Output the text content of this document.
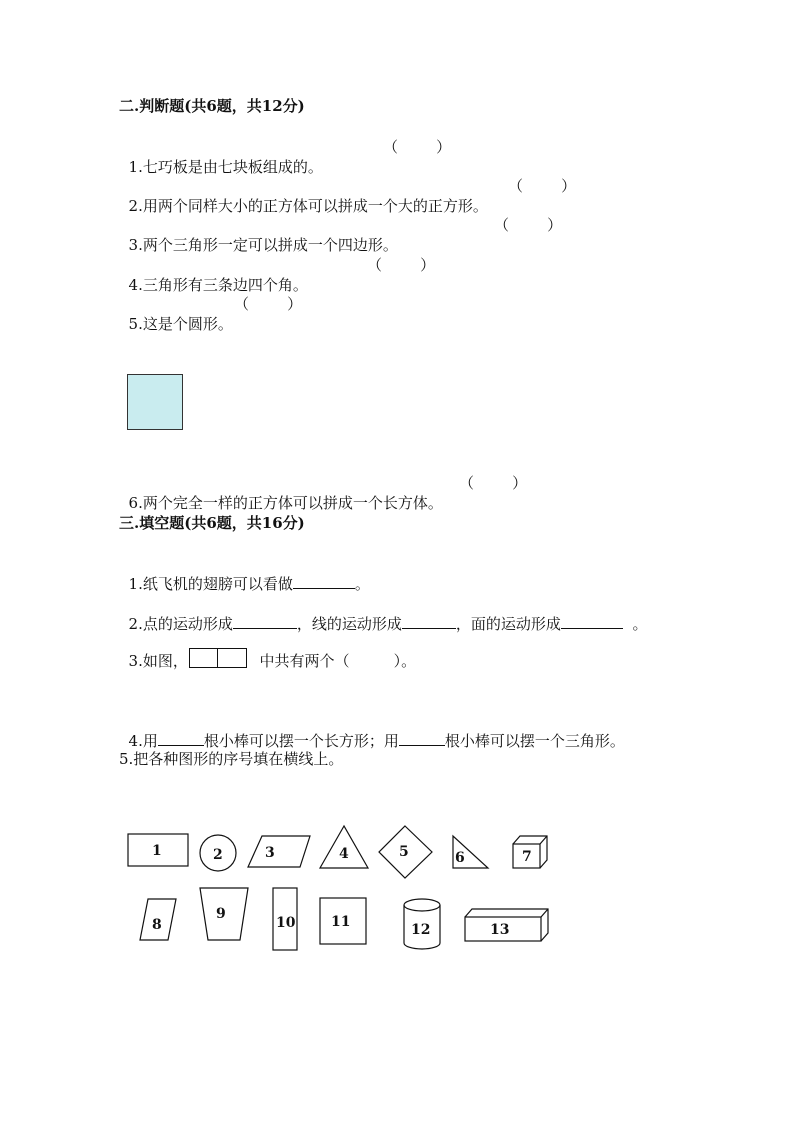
二.判断题(共6题，共12分)

1.七巧板是由七块板组成的。

（        ）

2.用两个同样大小的正方体可以拼成一个大的正方形。

（        ）

3.两个三角形一定可以拼成一个四边形。

（        ）

4.三角形有三条边四个角。

（        ）

5.这是个圆形。

（        ）

6.两个完全一样的正方体可以拼成一个长方体。

（        ）
三.填空题(共6题，共16分)

1.纸飞机的翅膀可以看做	。

2.点的运动形成	，线的运动形成	，面的运动形成	。

3.如图，	中共有两个（	）。

4.用	根小棒可以摆一个长方形；用	根小棒可以摆一个三角形。

5.把各种图形的序号填在横线上。
1	2	3	4	5	6	7
8
9
10	11	12	13
